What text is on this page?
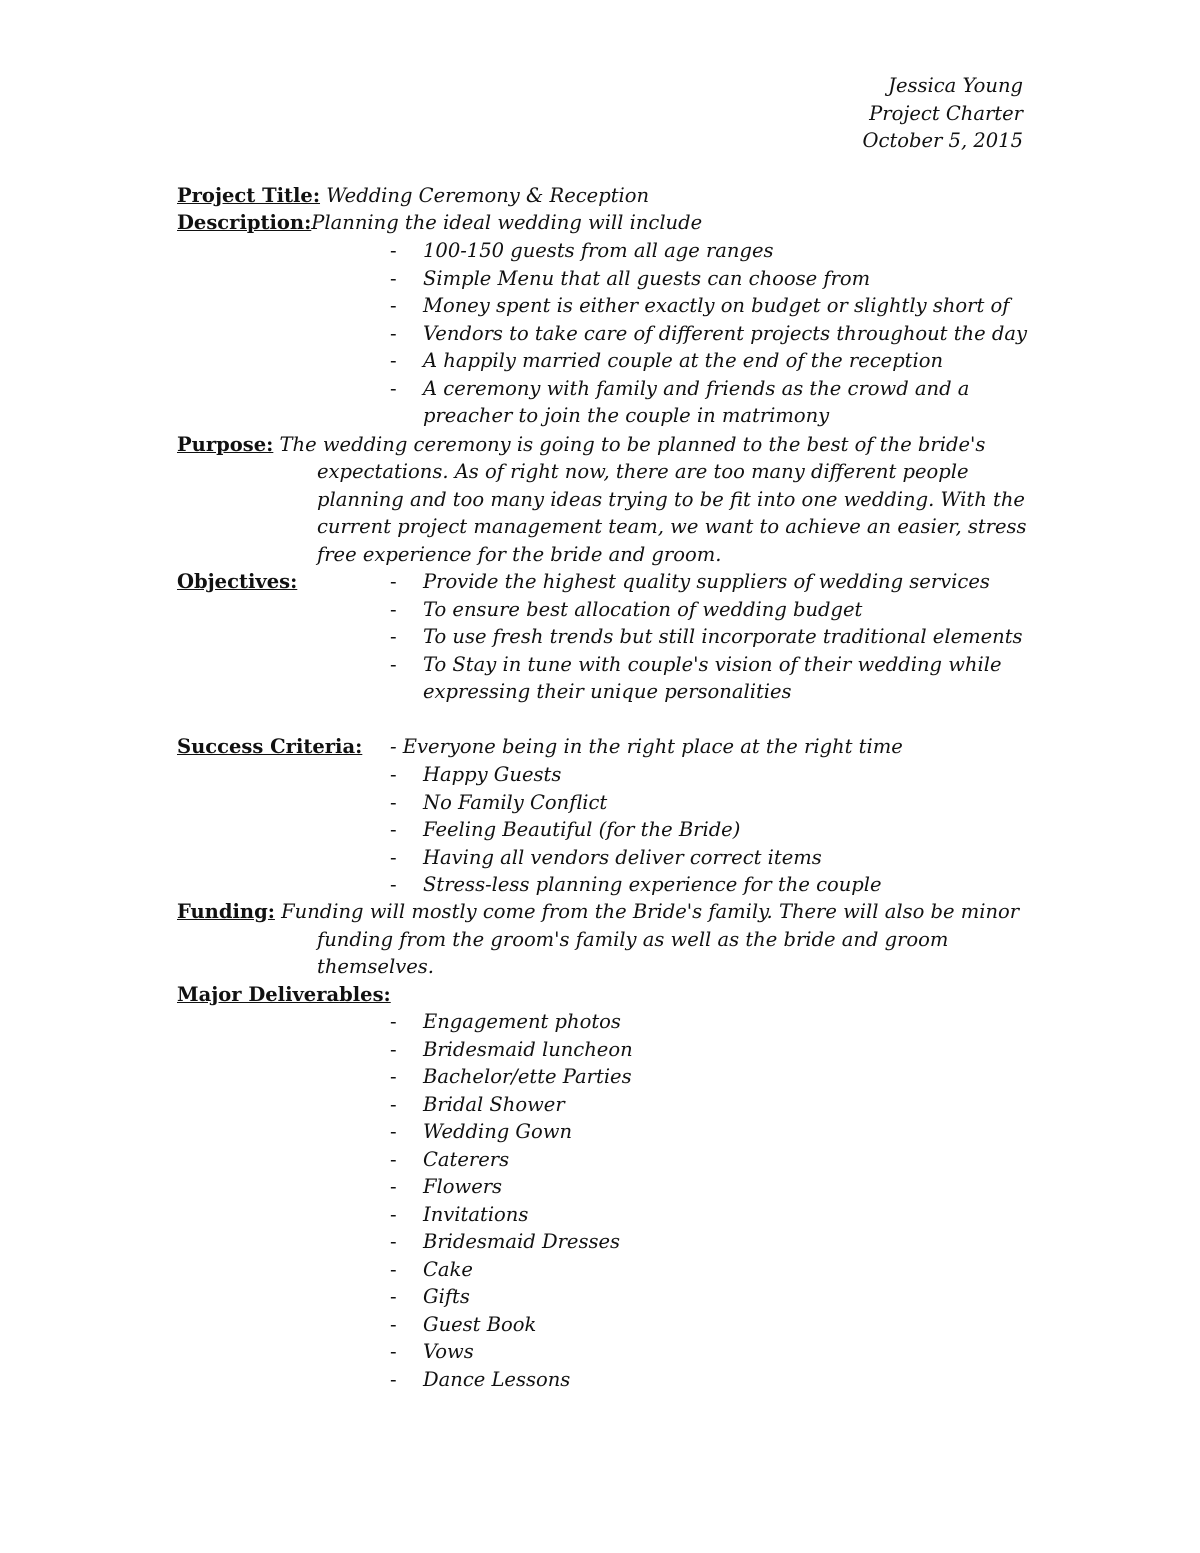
Jessica Young
Project Charter
October 5, 2015
Project Title: Wedding Ceremony & Reception
Description:Planning the ideal wedding will include
- 100-150 guests from all age ranges
- Simple Menu that all guests can choose from
- Money spent is either exactly on budget or slightly short of
- Vendors to take care of different projects throughout the day
- A happily married couple at the end of the reception
- A ceremony with family and friends as the crowd and a
preacher to join the couple in matrimony
Purpose: The wedding ceremony is going to be planned to the best of the bride's
expectations. As of right now, there are too many different people
planning and too many ideas trying to be fit into one wedding. With the
current project management team, we want to achieve an easier, stress
free experience for the bride and groom.
Objectives:	- Provide the highest quality suppliers of wedding services
- To ensure best allocation of wedding budget
- To use fresh trends but still incorporate traditional elements
- To Stay in tune with couple's vision of their wedding while
expressing their unique personalities
Success Criteria: - Everyone being in the right place at the right time
- Happy Guests
- No Family Conflict
- Feeling Beautiful (for the Bride)
- Having all vendors deliver correct items
- Stress-less planning experience for the couple
Funding: Funding will mostly come from the Bride's family. There will also be minor
funding from the groom's family as well as the bride and groom
themselves.
Major Deliverables:
- Engagement photos
- Bridesmaid luncheon
- Bachelor/ette Parties
- Bridal Shower
- Wedding Gown
- Caterers
- Flowers
- Invitations
- Bridesmaid Dresses
- Cake
- Gifts
- Guest Book
- Vows
- Dance Lessons
